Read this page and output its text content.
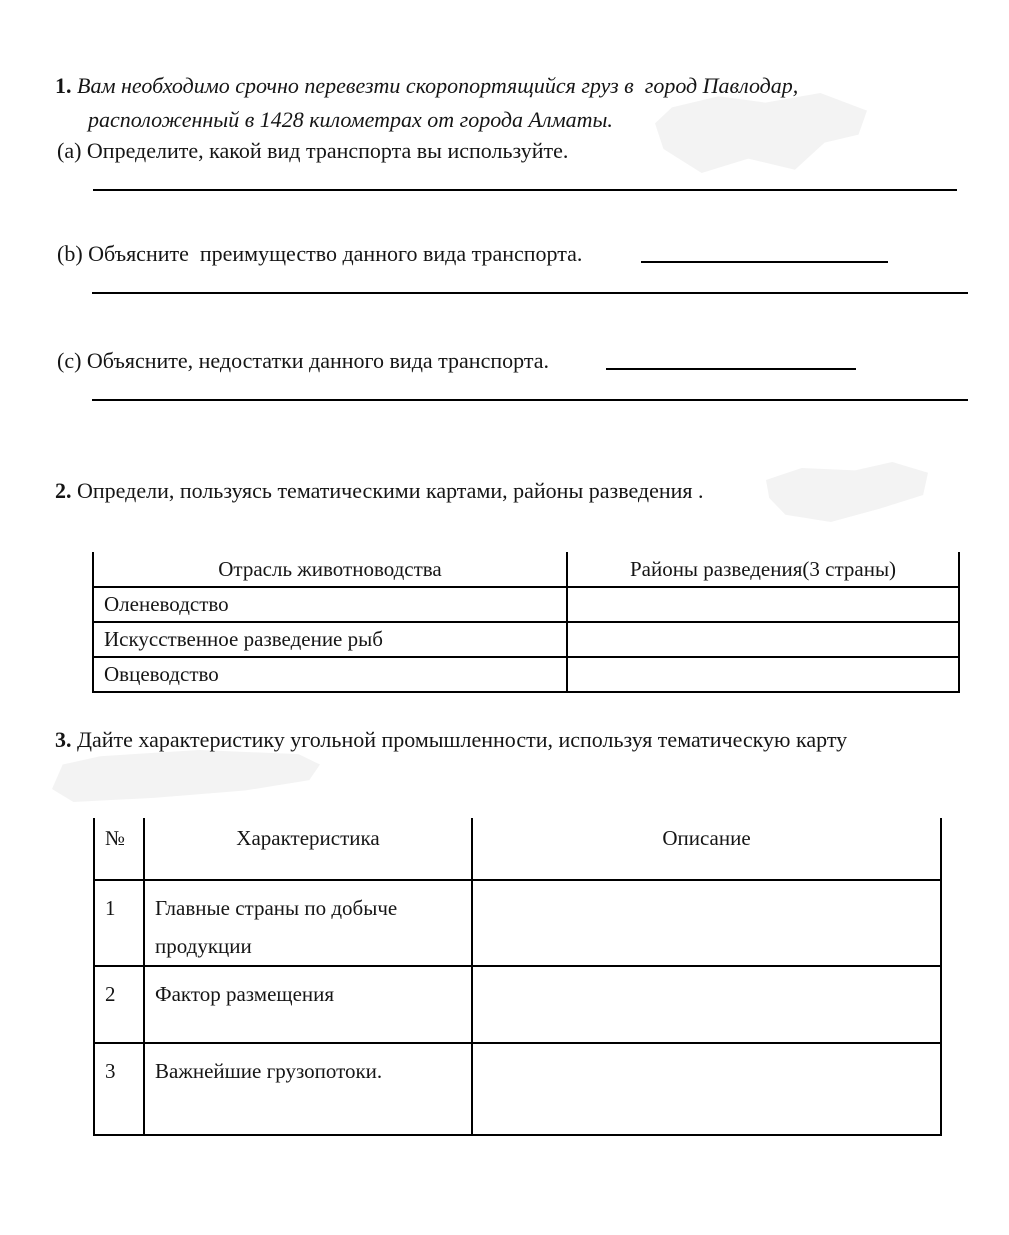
1. Вам необходимо срочно перевезти скоропортящийся груз в  город Павлодар,
расположенный в 1428 километрах от города Алматы.
(a) Определите, какой вид транспорта вы используйте.
(b) Объясните  преимущество данного вида транспорта.
(c) Объясните, недостатки данного вида транспорта.
2. Определи, пользуясь тематическими картами, районы разведения .
Отрасль животноводства	Районы разведения(3 страны)
Оленеводство	
Искусственное разведение рыб	
Овцеводство	
3. Дайте характеристику угольной промышленности, используя тематическую карту
№	Характеристика	Описание
1	Главные страны по добыче продукции	
2	Фактор размещения	
3	Важнейшие грузопотоки.	
